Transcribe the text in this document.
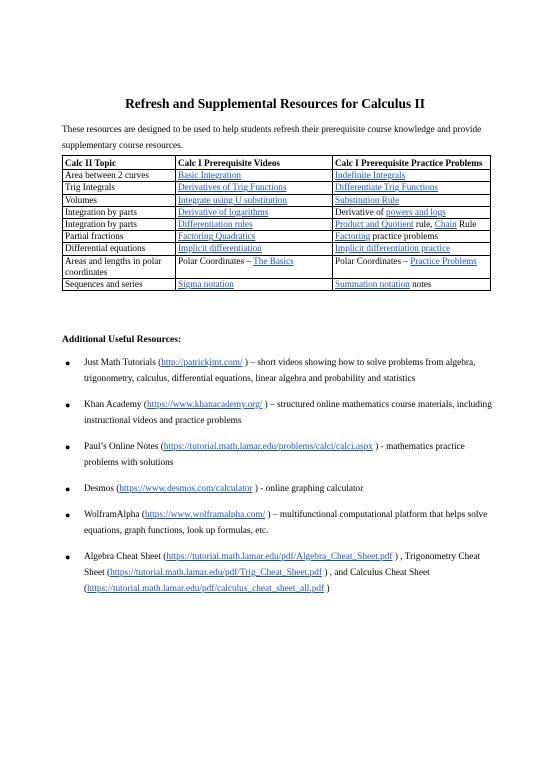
Refresh and Supplemental Resources for Calculus II
These resources are designed to be used to help students refresh their prerequisite course knowledge and provide supplementary course resources.
Calc II Topic	Calc I Prerequisite Videos	Calc I Prerequisite Practice Problems
Area between 2 curves	Basic Integration	Indefinite Integrals
Trig Integrals	Derivatives of Trig Functions	Differentiate Trig Functions
Volumes	Integrate using U substitution	Substitution Rule
Integration by parts	Derivative of logarithms	Derivative of powers and logs
Integration by parts	Differentiation rules	Product and Quotient rule, Chain Rule
Partial fractions	Factoring Quadratics	Factoring practice problems
Differential equations	Implicit differentiation	Implicit differentiation practice
Areas and lengths in polar coordinates	Polar Coordinates – The Basics	Polar Coordinates – Practice Problems
Sequences and series	Sigma notation	Summation notation notes
Additional Useful Resources:
● Just Math Tutorials (http://patrickjmt.com/ ) – short videos showing how to solve problems from algebra, trigonometry, calculus, differential equations, linear algebra and probability and statistics
● Khan Academy (https://www.khanacademy.org/ ) – structured online mathematics course materials, including instructional videos and practice problems
● Paul’s Online Notes (https://tutorial.math.lamar.edu/problems/calci/calci.aspx ) - mathematics practice problems with solutions
● Desmos (https://www.desmos.com/calculator ) - online graphing calculator
● WolframAlpha (https://www.wolframalpha.com/ ) – multifunctional computational platform that helps solve equations, graph functions, look up formulas, etc.
● Algebra Cheat Sheet (https://tutorial.math.lamar.edu/pdf/Algebra_Cheat_Sheet.pdf ) , Trigonometry Cheat Sheet (https://tutorial.math.lamar.edu/pdf/Trig_Cheat_Sheet.pdf ) , and Calculus Cheat Sheet (https://tutorial.math.lamar.edu/pdf/calculus_cheat_sheet_all.pdf )
